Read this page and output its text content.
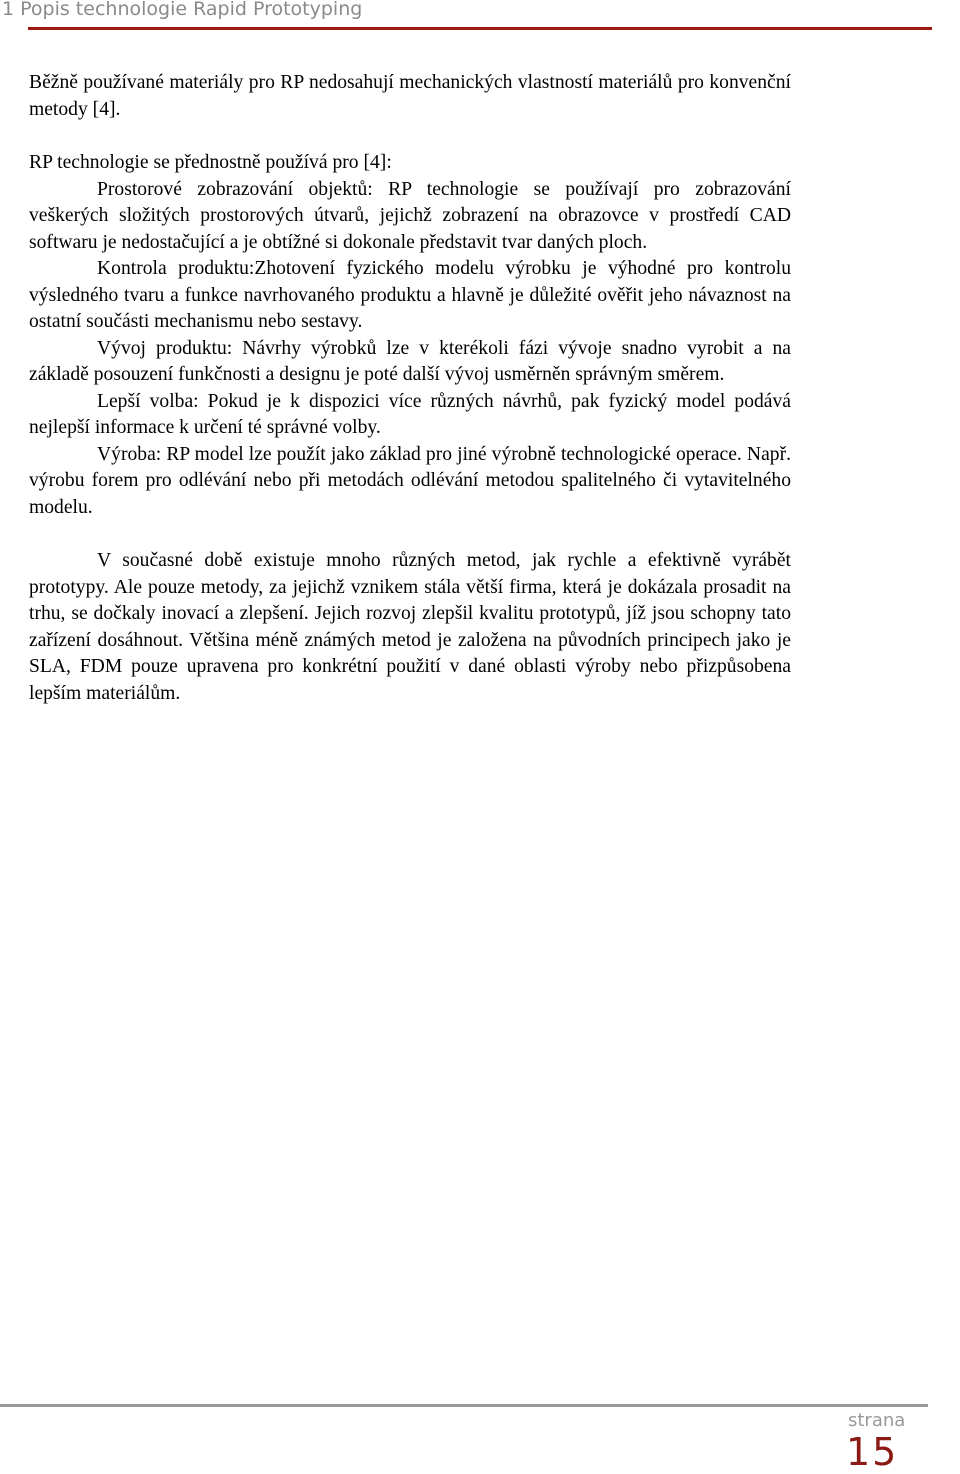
1 Popis technologie Rapid Prototyping

Běžně používané materiály pro RP nedosahují mechanických vlastností materiálů pro konvenční metody [4].

RP technologie se přednostně používá pro [4]:

Prostorové zobrazování objektů: RP technologie se používají pro zobrazování veškerých složitých prostorových útvarů, jejichž zobrazení na obrazovce v prostředí CAD softwaru je nedostačující a je obtížné si dokonale představit tvar daných ploch.

Kontrola produktu:Zhotovení fyzického modelu výrobku je výhodné pro kontrolu výsledného tvaru a funkce navrhovaného produktu a hlavně je důležité ověřit jeho návaznost na ostatní součásti mechanismu nebo sestavy.

Vývoj produktu: Návrhy výrobků lze v kterékoli fázi vývoje snadno vyrobit a na základě posouzení funkčnosti a designu je poté další vývoj usměrněn správným směrem.

Lepší volba: Pokud je k dispozici více různých návrhů, pak fyzický model podává nejlepší informace k určení té správné volby.

Výroba: RP model lze použít jako základ pro jiné výrobně technologické operace. Např. výrobu forem pro odlévání nebo při metodách odlévání metodou spalitelného či vytavitelného modelu.

V současné době existuje mnoho různých metod, jak rychle a efektivně vyrábět prototypy. Ale pouze metody, za jejichž vznikem stála větší firma, která je dokázala prosadit na trhu, se dočkaly inovací a zlepšení. Jejich rozvoj zlepšil kvalitu prototypů, jíž jsou schopny tato zařízení dosáhnout. Většina méně známých metod je založena na původních principech jako je SLA, FDM pouze upravena pro konkrétní použití v dané oblasti výroby nebo přizpůsobena lepším materiálům.

strana
15
